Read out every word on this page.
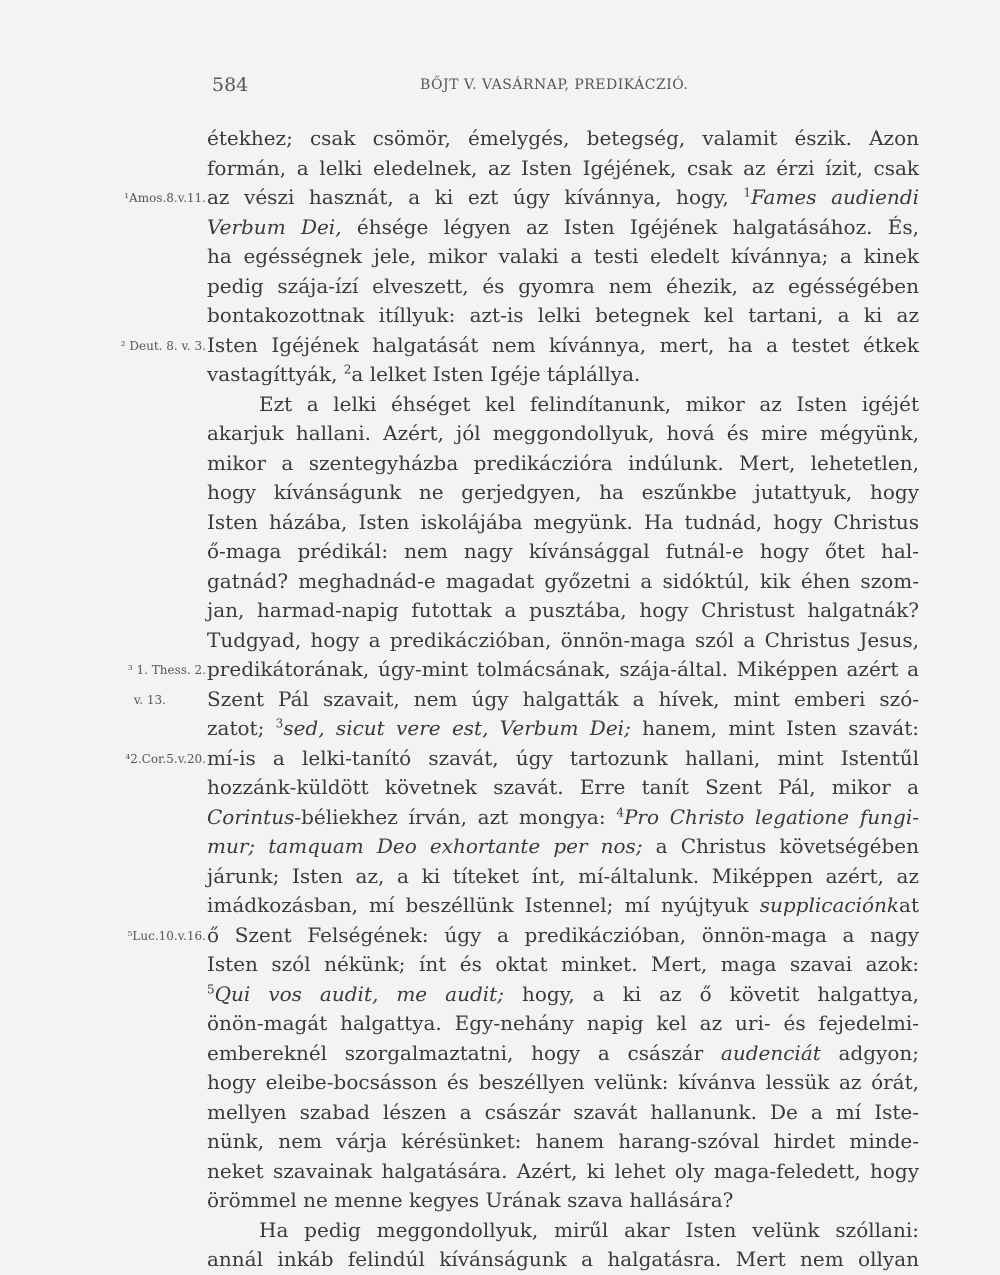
584	BŐJT V. VASÁRNAP, PREDIKÁCZIÓ.
¹Amos.8.v.11.
² Deut. 8. v. 3.
³ 1. Thess. 2.
v. 13.
⁴2.Cor.5.v.20.
⁵Luc.10.v.16.
étekhez; csak csömör, émelygés, betegség, valamit észik. Azon
formán, a lelki eledelnek, az Isten Igéjének, csak az érzi ízit, csak
az vészi hasznát, a ki ezt úgy kívánnya, hogy, $^1$Fames audiendi
Verbum Dei, éhsége légyen az Isten Igéjének halgatásához. És,
ha egésségnek jele, mikor valaki a testi eledelt kívánnya; a kinek
pedig szája-ízí elveszett, és gyomra nem éhezik, az egésségében
bontakozottnak itíllyuk: azt-is lelki betegnek kel tartani, a ki az
Isten Igéjének halgatását nem kívánnya, mert, ha a testet étkek
vastagíttyák, $^2$a lelket Isten Igéje táplállya.
Ezt a lelki éhséget kel felindítanunk, mikor az Isten igéjét
akarjuk hallani. Azért, jól meggondollyuk, hová és mire mégyünk,
mikor a szentegyházba predikáczióra indúlunk. Mert, lehetetlen,
hogy kívánságunk ne gerjedgyen, ha eszűnkbe jutattyuk, hogy
Isten házába, Isten iskolájába megyünk. Ha tudnád, hogy Christus
ő-maga prédikál: nem nagy kívánsággal futnál-e hogy őtet hal-
gatnád? meghadnád-e magadat győzetni a sidóktúl, kik éhen szom-
jan, harmad-napig futottak a pusztába, hogy Christust halgatnák?
Tudgyad, hogy a predikáczióban, önnön-maga szól a Christus Jesus,
predikátorának, úgy-mint tolmácsának, szája-által. Miképpen azért a
Szent Pál szavait, nem úgy halgatták a hívek, mint emberi szó-
zatot; $^3$sed, sicut vere est, Verbum Dei; hanem, mint Isten szavát:
mí-is a lelki-tanító szavát, úgy tartozunk hallani, mint Istentűl
hozzánk-küldött követnek szavát. Erre tanít Szent Pál, mikor a
Corintus-béliekhez írván, azt mongya: $^4$Pro Christo legatione fungi-
mur; tamquam Deo exhortante per nos; a Christus követségében
járunk; Isten az, a ki títeket ínt, mí-általunk. Miképpen azért, az
imádkozásban, mí beszéllünk Istennel; mí nyújtyuk supplicaciónkat
ő Szent Felségének: úgy a predikáczióban, önnön-maga a nagy
Isten szól nékünk; ínt és oktat minket. Mert, maga szavai azok:
$^5$Qui vos audit, me audit; hogy, a ki az ő követit halgattya,
önön-magát halgattya. Egy-nehány napig kel az uri- és fejedelmi-
embereknél szorgalmaztatni, hogy a császár audenciát adgyon;
hogy eleibe-bocsásson és beszéllyen velünk: kívánva lessük az órát,
mellyen szabad lészen a császár szavát hallanunk. De a mí Iste-
nünk, nem várja kérésünket: hanem harang-szóval hirdet minde-
neket szavainak halgatására. Azért, ki lehet oly maga-feledett, hogy
örömmel ne menne kegyes Urának szava hallására?
Ha pedig meggondollyuk, mirűl akar Isten velünk szóllani:
annál inkáb felindúl kívánságunk a halgatásra. Mert nem ollyan
